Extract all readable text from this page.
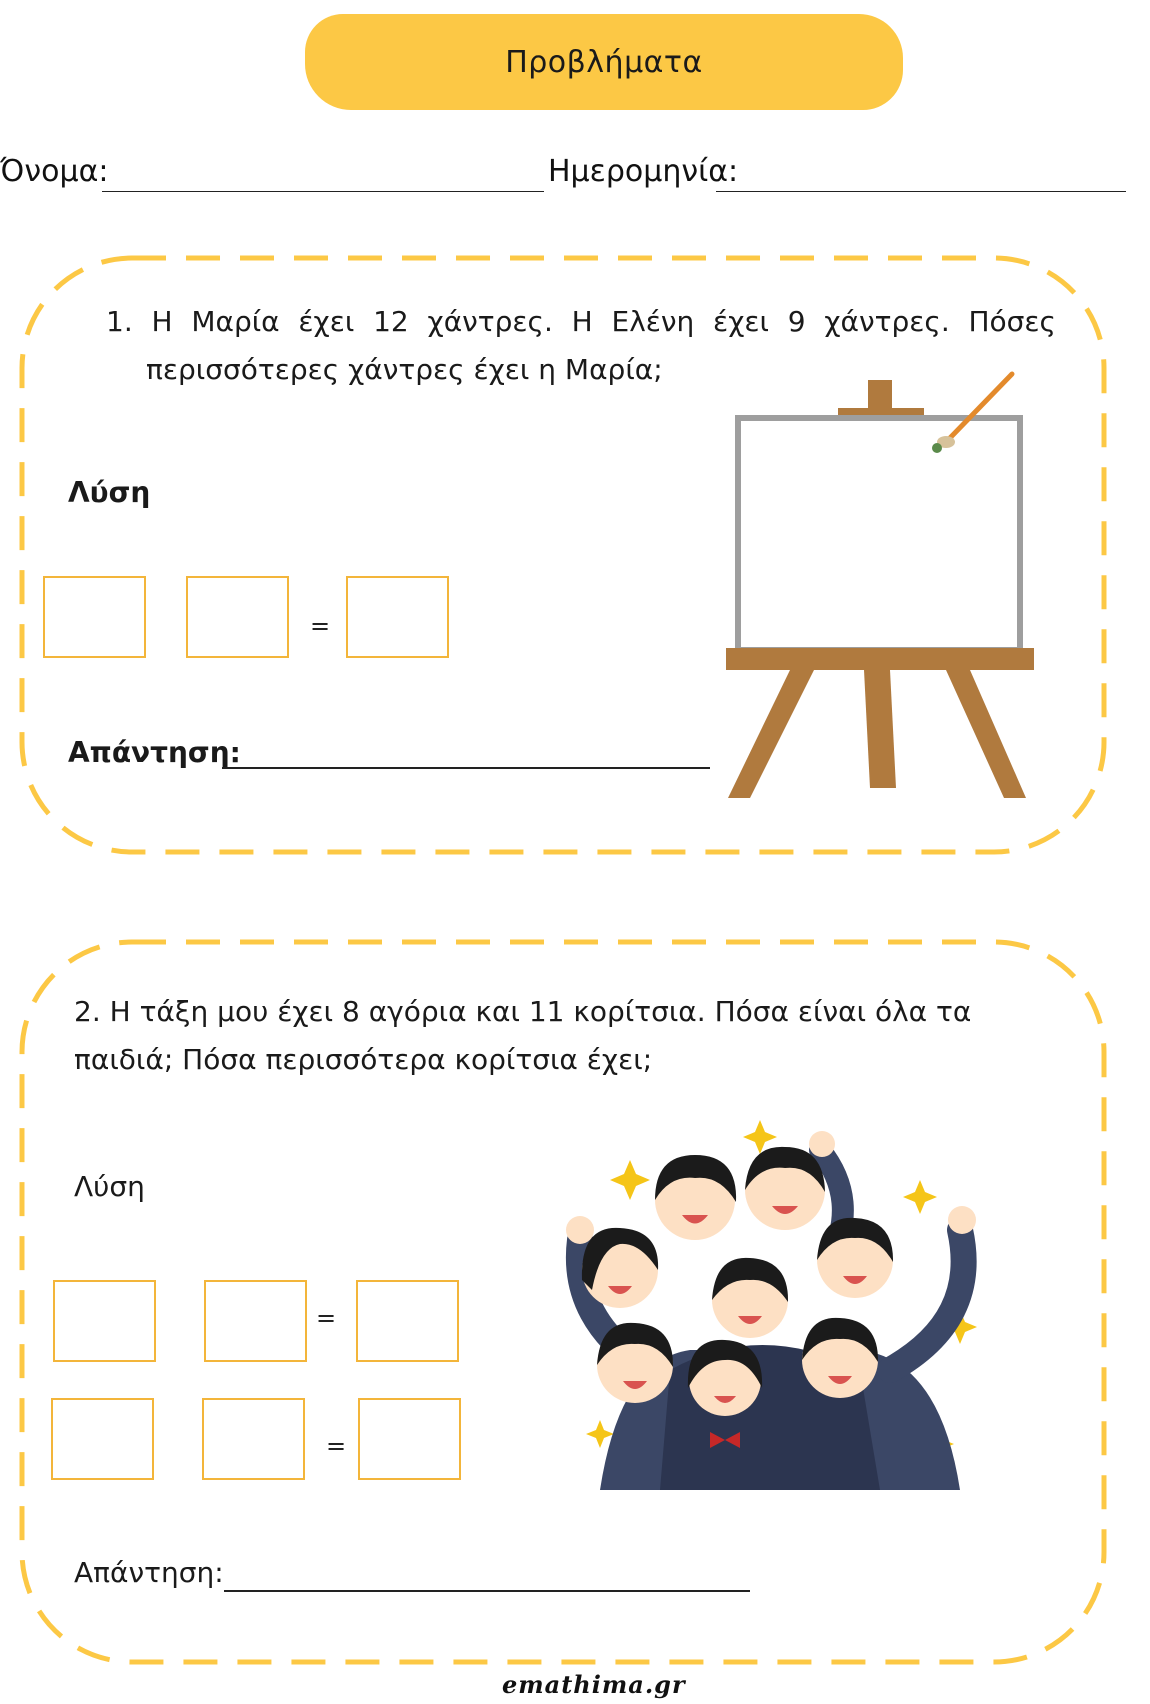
Προβλήματα
Όνομα:	Ημερομηνία:
1. Η Μαρία έχει 12 χάντρες. Η Ελένη έχει 9 χάντρες. Πόσες
περισσότερες χάντρες έχει η Μαρία;
Λύση
=
Απάντηση:
2. Η τάξη μου έχει 8 αγόρια και 11 κορίτσια. Πόσα είναι όλα τα
παιδιά; Πόσα περισσότερα κορίτσια έχει;
Λύση
=
=
Απάντηση:
emathima.gr
